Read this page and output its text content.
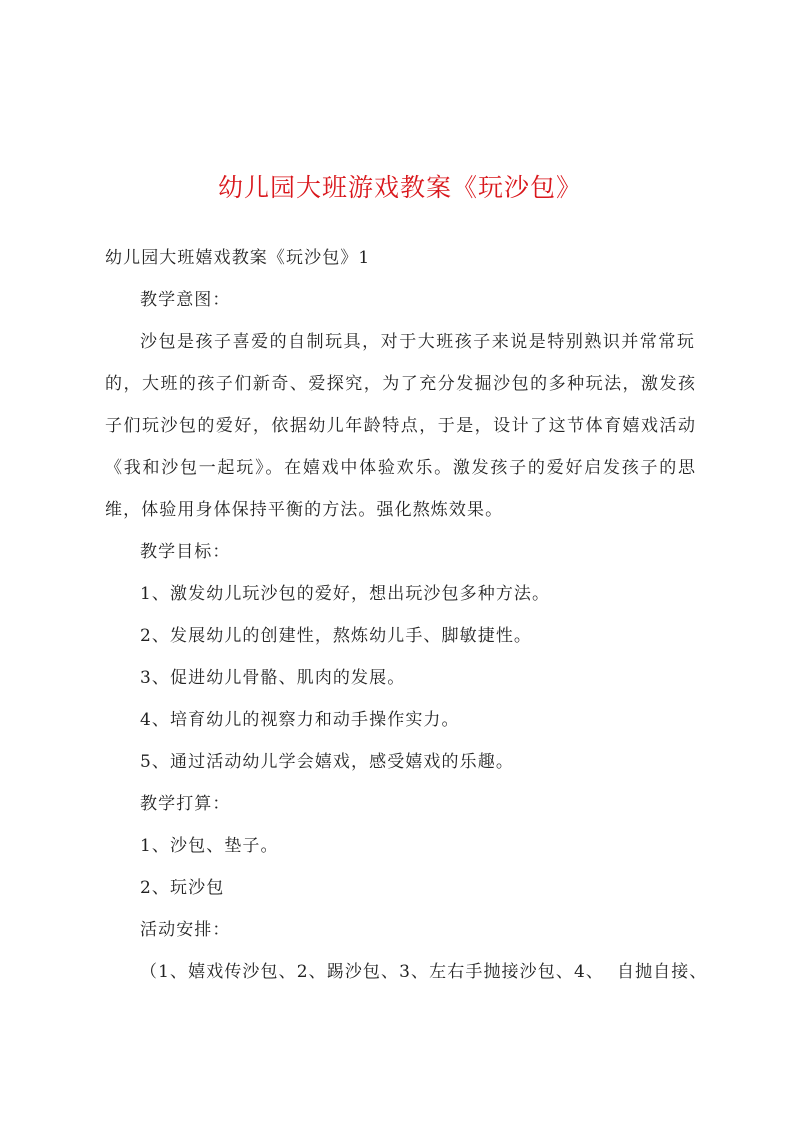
幼儿园大班游戏教案《玩沙包》
幼儿园大班嬉戏教案《玩沙包》1
教学意图：
沙包是孩子喜爱的自制玩具，对于大班孩子来说是特别熟识并常常玩
的，大班的孩子们新奇、爱探究，为了充分发掘沙包的多种玩法，激发孩
子们玩沙包的爱好，依据幼儿年龄特点，于是，设计了这节体育嬉戏活动
《我和沙包一起玩》。在嬉戏中体验欢乐。激发孩子的爱好启发孩子的思
维，体验用身体保持平衡的方法。强化熬炼效果。
教学目标：
1、激发幼儿玩沙包的爱好，想出玩沙包多种方法。
2、发展幼儿的创建性，熬炼幼儿手、脚敏捷性。
3、促进幼儿骨骼、肌肉的发展。
4、培育幼儿的视察力和动手操作实力。
5、通过活动幼儿学会嬉戏，感受嬉戏的乐趣。
教学打算：
1、沙包、垫子。
2、玩沙包
活动安排：
（1、嬉戏传沙包、2、踢沙包、3、左右手抛接沙包、4、  自抛自接、
